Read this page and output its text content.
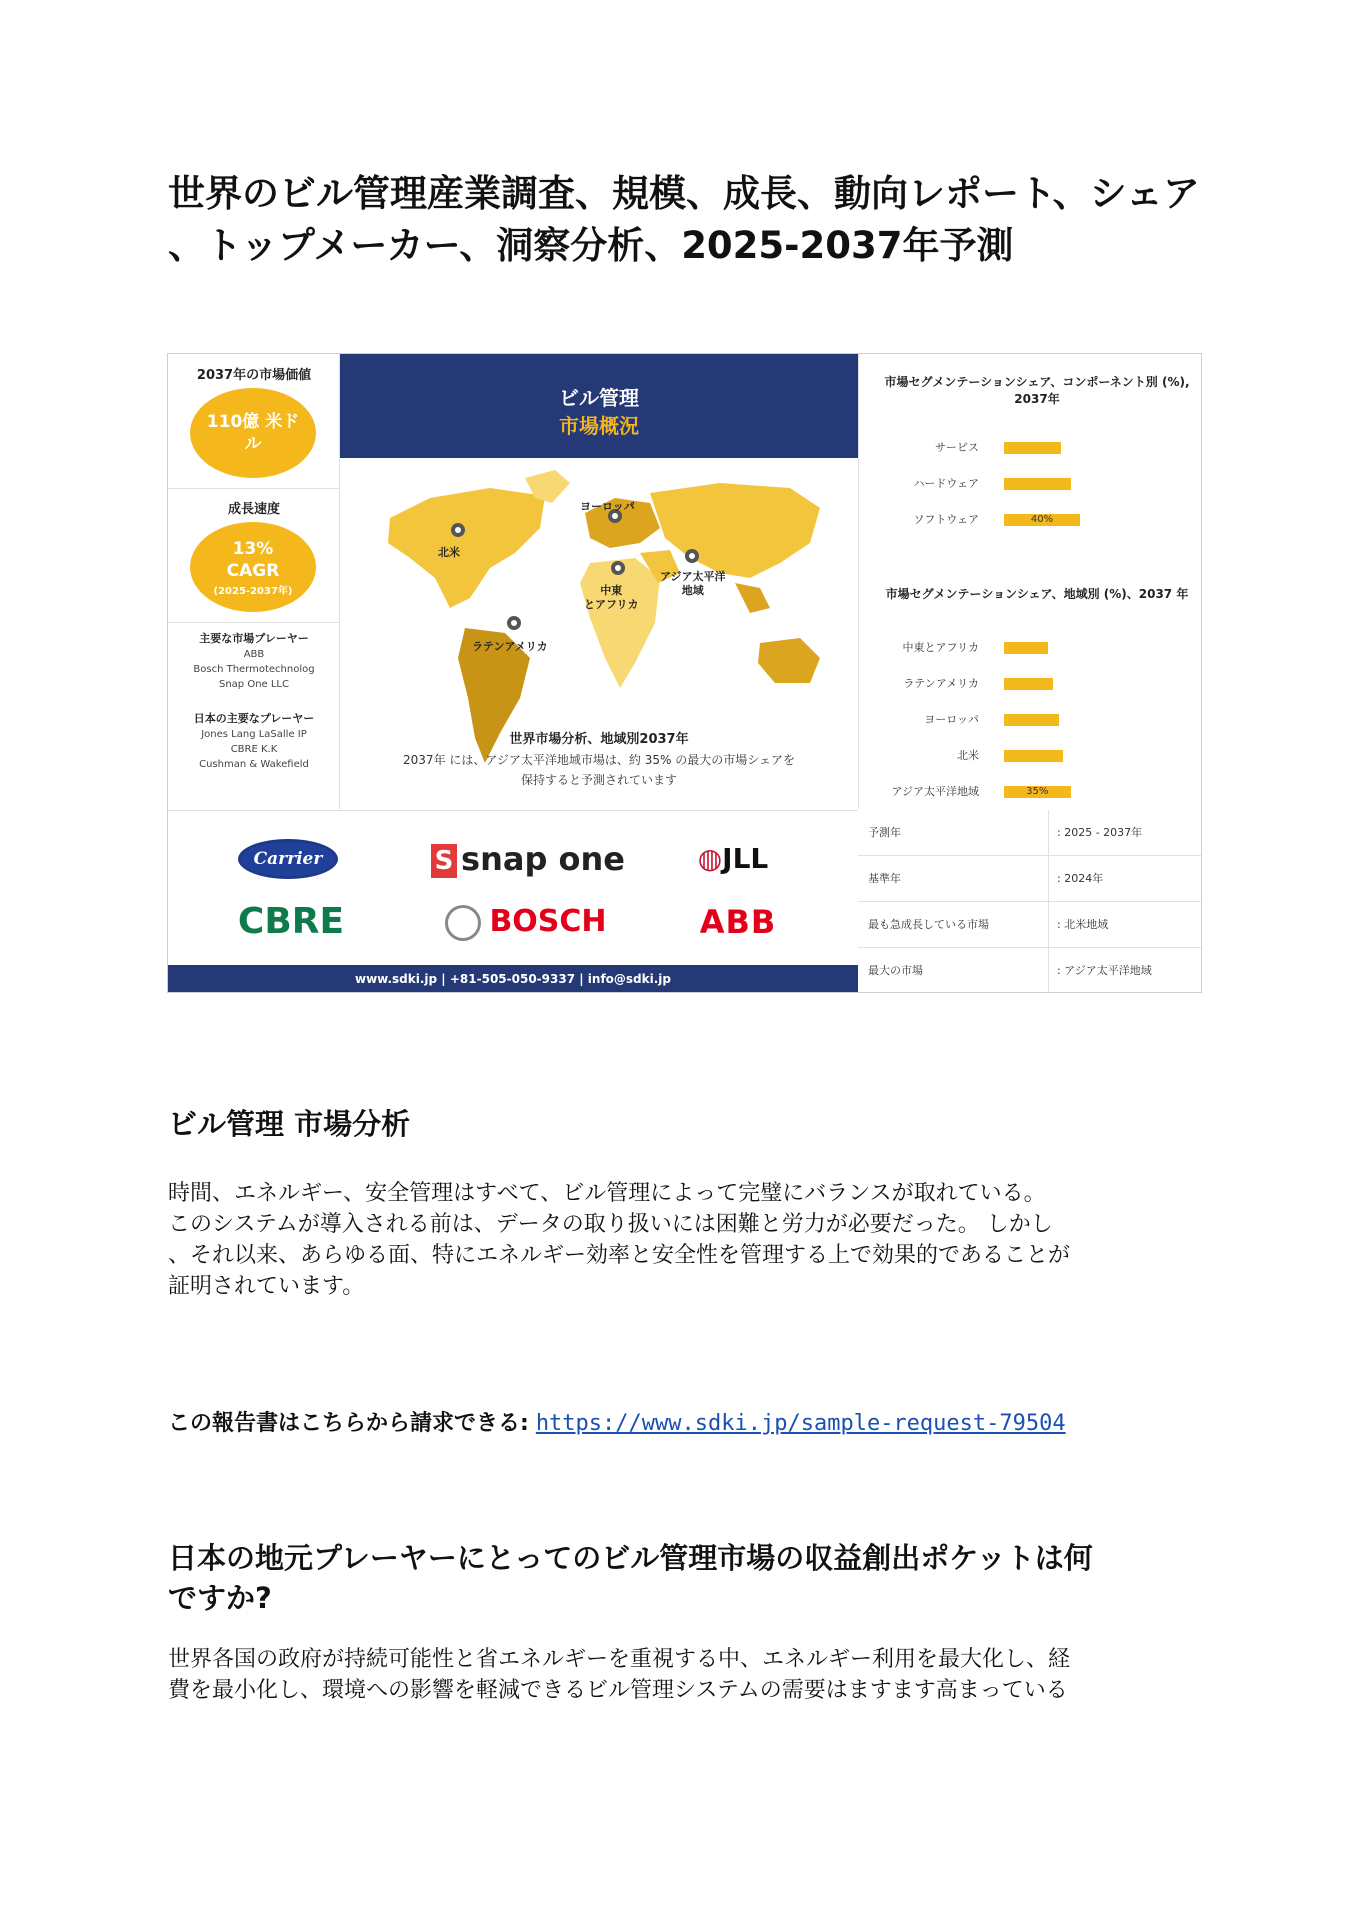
世界のビル管理産業調査、規模、成長、動向レポート、シェア
、トップメーカー、洞察分析、2025-2037年予測
2037年の市場価値
110億 米ド
ル
成長速度
13%
CAGR
(2025-2037年)
主要な市場プレーヤー
ABB
Bosch Thermotechnolog
Snap One LLC
日本の主要なプレーヤー
Jones Lang LaSalle IP
CBRE K.K
Cushman & Wakefield
ビル管理
市場概況
北米
ヨーロッパ
中東
とアフリカ
アジア太平洋
地域
ラテンアメリカ
世界市場分析、地域別2037年
2037年 には、アジア太平洋地域市場は、約 35% の最大の市場シェアを
保持すると予測されています
市場セグメンテーションシェア、コンポーネント別 (%), 2037年
サービス
ハードウェア
ソフトウェア	40%
市場セグメンテーションシェア、地域別 (%)、2037 年
中東とアフリカ
ラテンアメリカ
ヨーロッパ
北米
アジア太平洋地域	35%
Carrier	S snap one	◍JLL
CBRE	BOSCH	ABB
www.sdki.jp | +81-505-050-9337 | info@sdki.jp
予測年	: 2025 - 2037年
基準年	: 2024年
最も急成長している市場	: 北米地域
最大の市場	: アジア太平洋地域
ビル管理 市場分析
時間、エネルギー、安全管理はすべて、ビル管理によって完璧にバランスが取れている。
このシステムが導入される前は、データの取り扱いには困難と労力が必要だった。 しかし
、それ以来、あらゆる面、特にエネルギー効率と安全性を管理する上で効果的であることが
証明されています。
この報告書はこちらから請求できる: https://www.sdki.jp/sample-request-79504
日本の地元プレーヤーにとってのビル管理市場の収益創出ポケットは何
ですか?
世界各国の政府が持続可能性と省エネルギーを重視する中、エネルギー利用を最大化し、経
費を最小化し、環境への影響を軽減できるビル管理システムの需要はますます高まっている
